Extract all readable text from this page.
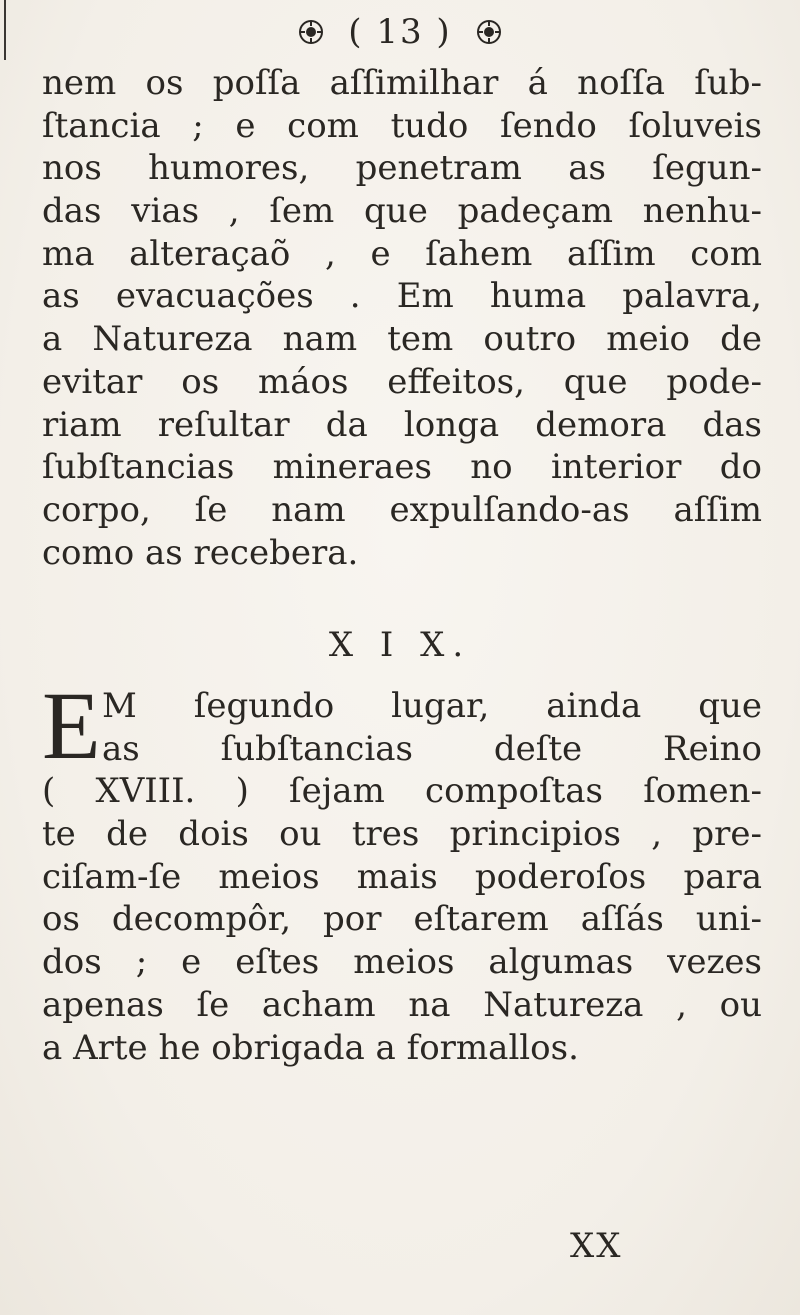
( 13 )
nem os poſſa aſſimilhar á noſſa ſub-
ſtancia ; e com tudo ſendo ſoluveis
nos humores, penetram as ſegun-
das vias , ſem que padeçam nenhu-
ma alteraçaõ , e ſahem aſſim com
as evacuações . Em huma palavra,
a Natureza nam tem outro meio de
evitar os máos effeitos, que pode-
riam reſultar da longa demora das
ſubſtancias mineraes no interior do
corpo, ſe nam expulſando-as aſſim
como as recebera.
X I X.
E M ſegundo lugar, ainda que
as ſubſtancias deſte Reino
( XVIII. ) ſejam compoſtas ſomen-
te de dois ou tres principios , pre-
ciſam-ſe meios mais poderoſos para
os decompôr, por eſtarem aſſás uni-
dos ; e eſtes meios algumas vezes
apenas ſe acham na Natureza , ou
a Arte he obrigada a formallos.
XX
